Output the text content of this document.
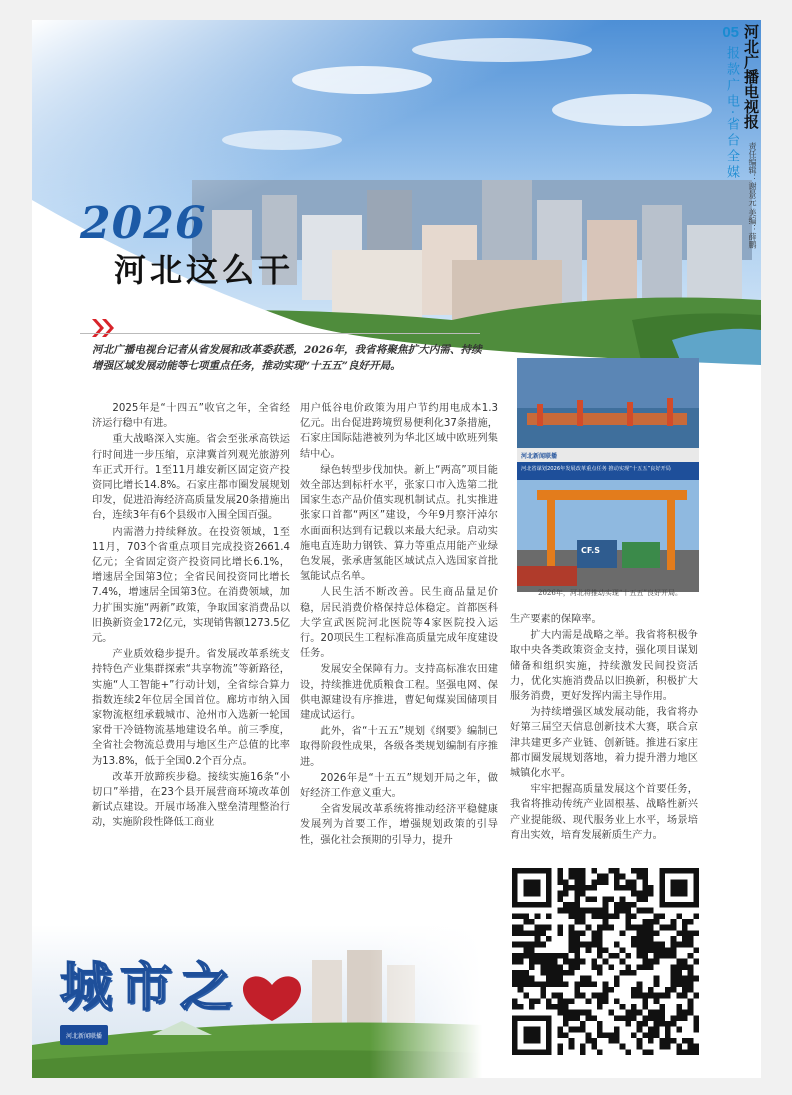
2026
河北这么干
05 河北广播电视报
报款广电·省台全媒
责任编辑：谢景元 美编：薛鹏
河北广播电视台记者从省发展和改革委获悉，2026年，我省将聚焦扩大内需、持续增强区域发展动能等七项重点任务，推动实现“十五五”良好开局。

2025年是“十四五”收官之年，全省经济运行稳中有进。

重大战略深入实施。省会至张承高铁运行时间进一步压缩，京津冀首列观光旅游列车正式开行。1至11月雄安新区固定资产投资同比增长14.8%。石家庄都市圈发展规划印发，促进沿海经济高质量发展20条措施出台，连续3年有6个县级市入围全国百强。

内需潜力持续释放。在投资领域，1至11月，703个省重点项目完成投资2661.4亿元；全省固定资产投资同比增长6.1%，增速居全国第3位；全省民间投资同比增长7.4%，增速居全国第3位。在消费领域，加力扩围实施“两新”政策，争取国家消费品以旧换新资金172亿元，实现销售额1273.5亿元。

产业质效稳步提升。省发展改革系统支持特色产业集群探索“共享物流”等新路径，实施“人工智能+”行动计划，全省综合算力指数连续2年位居全国首位。廊坊市纳入国家物流枢纽承载城市、沧州市入选新一轮国家骨干冷链物流基地建设名单。前三季度，全省社会物流总费用与地区生产总值的比率为13.8%，低于全国0.2个百分点。

改革开放蹄疾步稳。接续实施16条“小切口”举措，在23个县开展营商环境改革创新试点建设。开展市场准入壁垒清理整治行动，实施阶段性降低工商业

用户低谷电价政策为用户节约用电成本1.3亿元。出台促进跨境贸易便利化37条措施，石家庄国际陆港被列为华北区域中欧班列集结中心。

绿色转型步伐加快。新上“两高”项目能效全部达到标杆水平，张家口市入选第二批国家生态产品价值实现机制试点。扎实推进张家口首都“两区”建设，今年9月察汗淖尔水面面积达到有记载以来最大纪录。启动实施电直连助力钢铁、算力等重点用能产业绿色发展，张承唐氢能区域试点入选国家首批氢能试点名单。

人民生活不断改善。民生商品量足价稳，居民消费价格保持总体稳定。首都医科大学宣武医院河北医院等4家医院投入运行。20项民生工程标准高质量完成年度建设任务。

发展安全保障有力。支持高标准农田建设，持续推进优质粮食工程。坚强电网、保供电源建设有序推进，曹妃甸煤炭国储项目建成试运行。

此外，省“十五五”规划《纲要》编制已取得阶段性成果，各级各类规划编制有序推进。

2026年是“十五五”规划开局之年，做好经济工作意义重大。

全省发展改革系统将推动经济平稳健康发展列为首要工作，增强规划政策的引导性，强化社会预期的引导力，提升

河北新闻联播
河北省谋划2026年发展改革重点任务 推动实现“十五五”良好开局
CF.S
2026年，河北将推动实现“十五五”良好开局。

生产要素的保障率。

扩大内需是战略之举。我省将积极争取中央各类政策资金支持，强化项目谋划储备和组织实施，持续激发民间投资活力，优化实施消费品以旧换新，积极扩大服务消费，更好发挥内需主导作用。

为持续增强区域发展动能，我省将办好第三届空天信息创新技术大赛，联合京津共建更多产业链、创新链。推进石家庄都市圈发展规划落地，着力提升潜力地区城镇化水平。

牢牢把握高质量发展这个首要任务，我省将推动传统产业固根基、战略性新兴产业提能级、现代服务业上水平，场景培育出实效，培育发展新质生产力。

城市之
河北新闻联播
